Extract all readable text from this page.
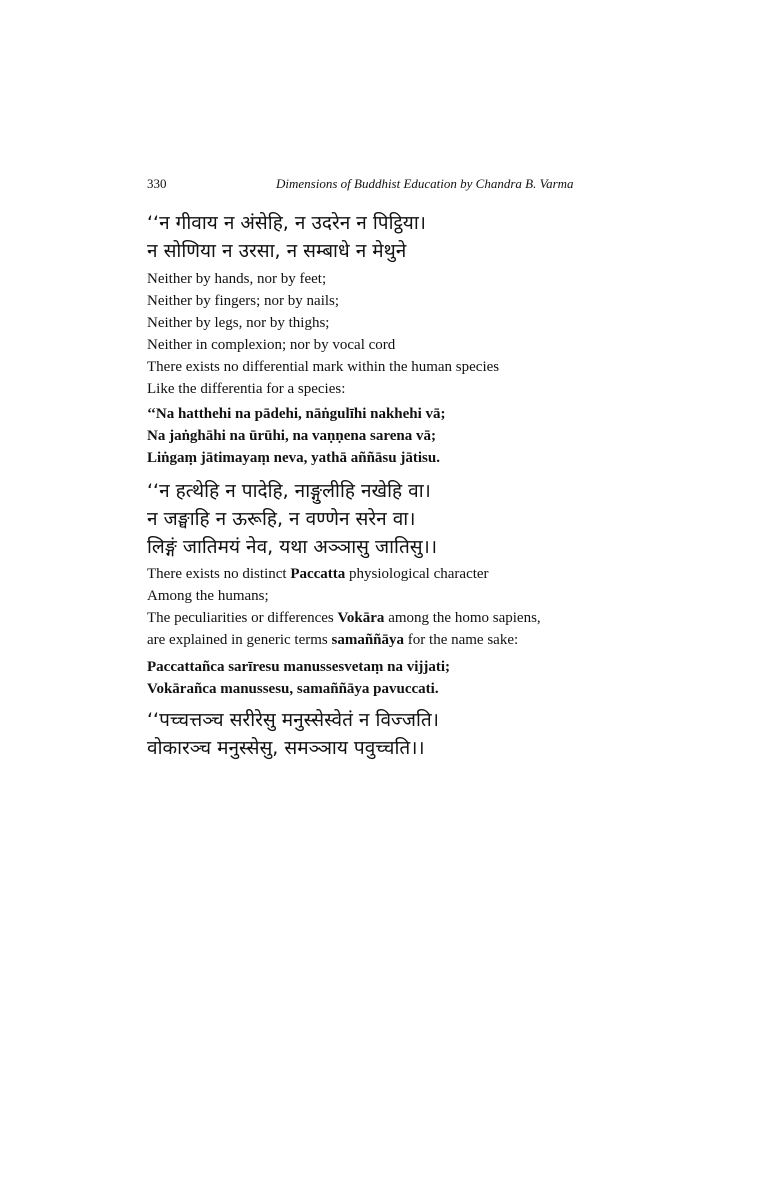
330	Dimensions of Buddhist Education by Chandra B. Varma
‘‘न गीवाय न अंसेहि, न उदरेन न पिट्ठिया।
न सोणिया न उरसा, न सम्बाधे न मेथुने
Neither by hands, nor by feet;
Neither by fingers; nor by nails;
Neither by legs, nor by thighs;
Neither in complexion; nor by vocal cord
There exists no differential mark within the human species
Like the differentia for a species:
‘‘Na hatthehi na pādehi, nāṅgulīhi nakhehi vā;
Na jaṅghāhi na ūrūhi, na vaṇṇena sarena vā;
Liṅgaṃ jātimayaṃ neva, yathā aññāsu jātisu.
‘‘न हत्थेहि न पादेहि, नाङ्गुलीहि नखेहि वा।
न जङ्घाहि न ऊरूहि, न वण्णेन सरेन वा।
लिङ्गं जातिमयं नेव, यथा अञ्ञासु जातिसु।।
There exists no distinct Paccatta physiological character
Among the humans;
The peculiarities or differences Vokāra among the homo sapiens,
are explained in generic terms samaññāya for the name sake:
Paccattañca sarīresu manussesvetaṃ na vijjati;
Vokārañca manussesu, samaññāya pavuccati.
‘‘पच्चत्तञ्च सरीरेसु मनुस्सेस्वेतं न विज्जति।
वोकारञ्च मनुस्सेसु, समञ्ञाय पवुच्चति।।
